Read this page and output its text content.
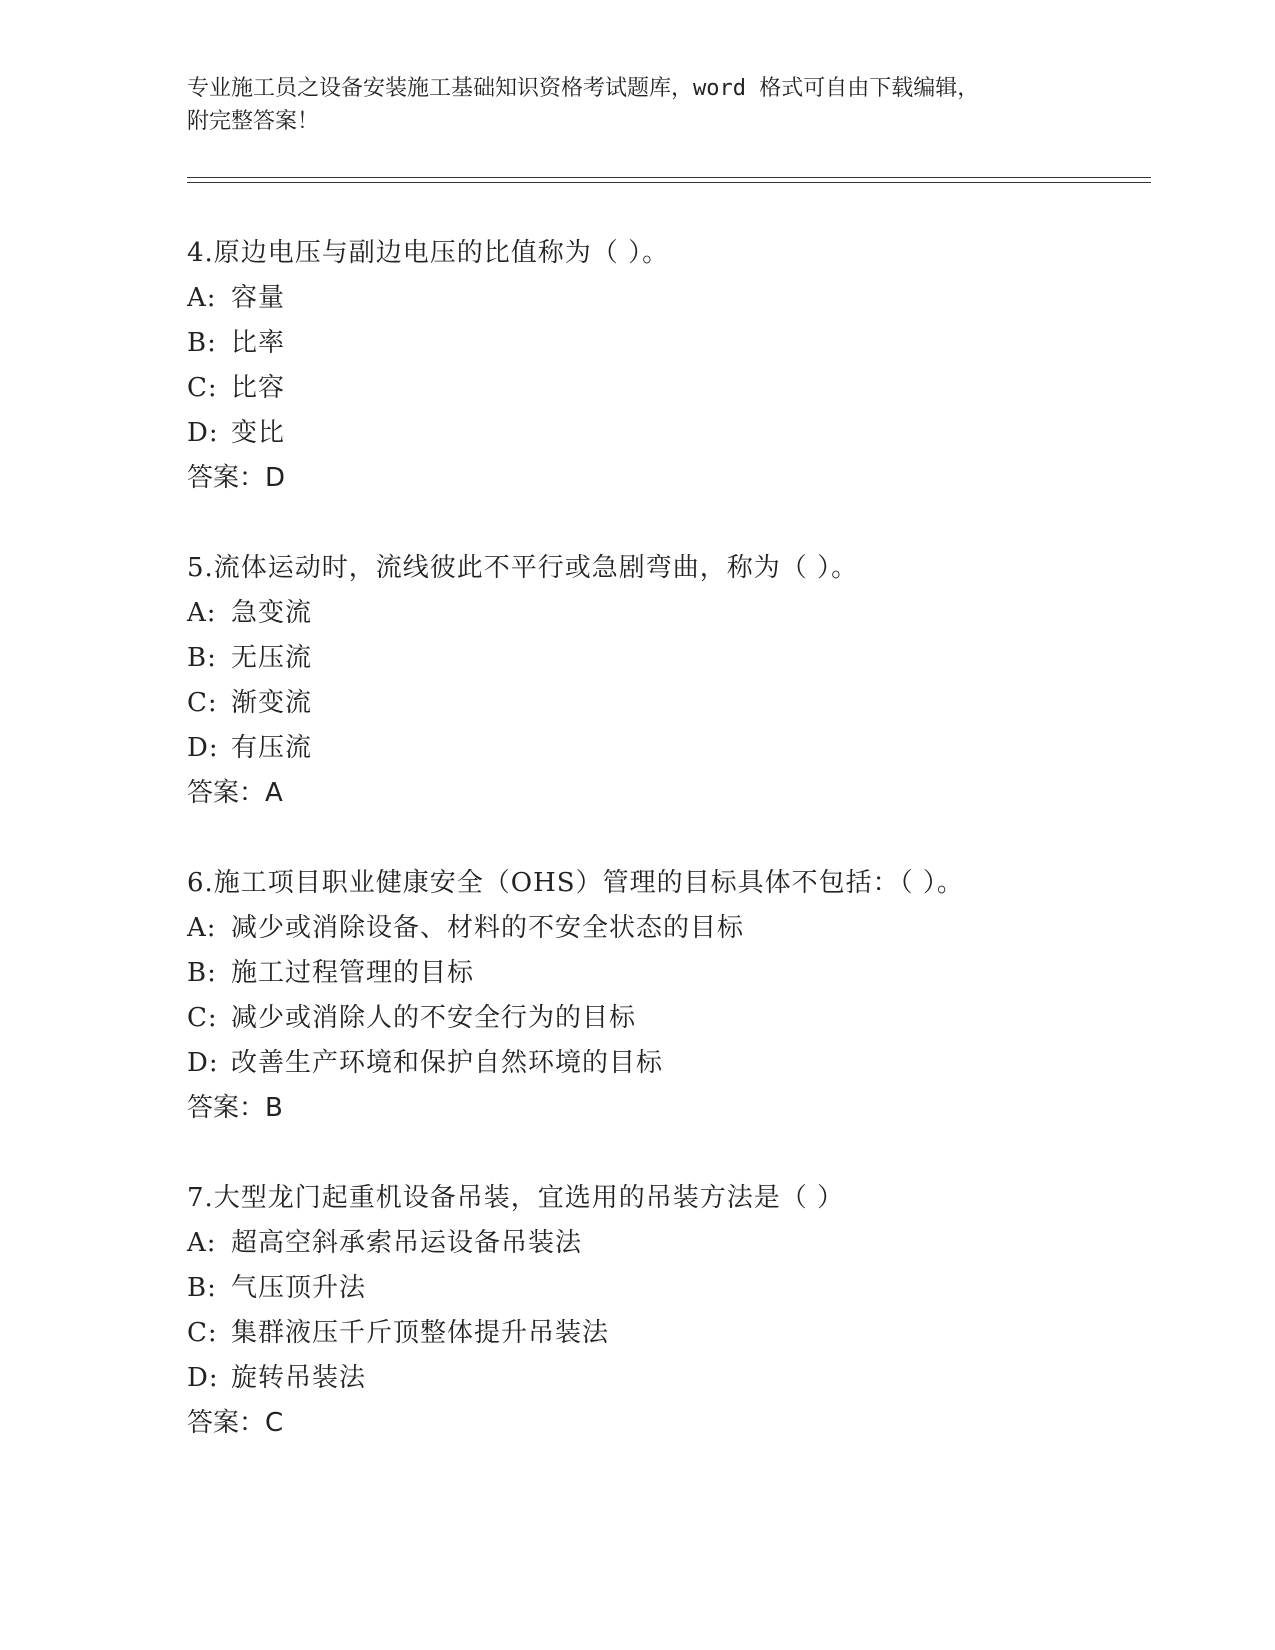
专业施工员之设备安装施工基础知识资格考试题库，word 格式可自由下载编辑，
附完整答案！
4.原边电压与副边电压的比值称为（ ）。
A: 容量
B: 比率
C: 比容
D: 变比
答案：D
5.流体运动时，流线彼此不平行或急剧弯曲，称为（ ）。
A: 急变流
B: 无压流
C: 渐变流
D: 有压流
答案：A
6.施工项目职业健康安全（OHS）管理的目标具体不包括：（ ）。
A: 减少或消除设备、材料的不安全状态的目标
B: 施工过程管理的目标
C: 减少或消除人的不安全行为的目标
D: 改善生产环境和保护自然环境的目标
答案：B
7.大型龙门起重机设备吊装，宜选用的吊装方法是（ ）
A: 超高空斜承索吊运设备吊装法
B: 气压顶升法
C: 集群液压千斤顶整体提升吊装法
D: 旋转吊装法
答案：C
